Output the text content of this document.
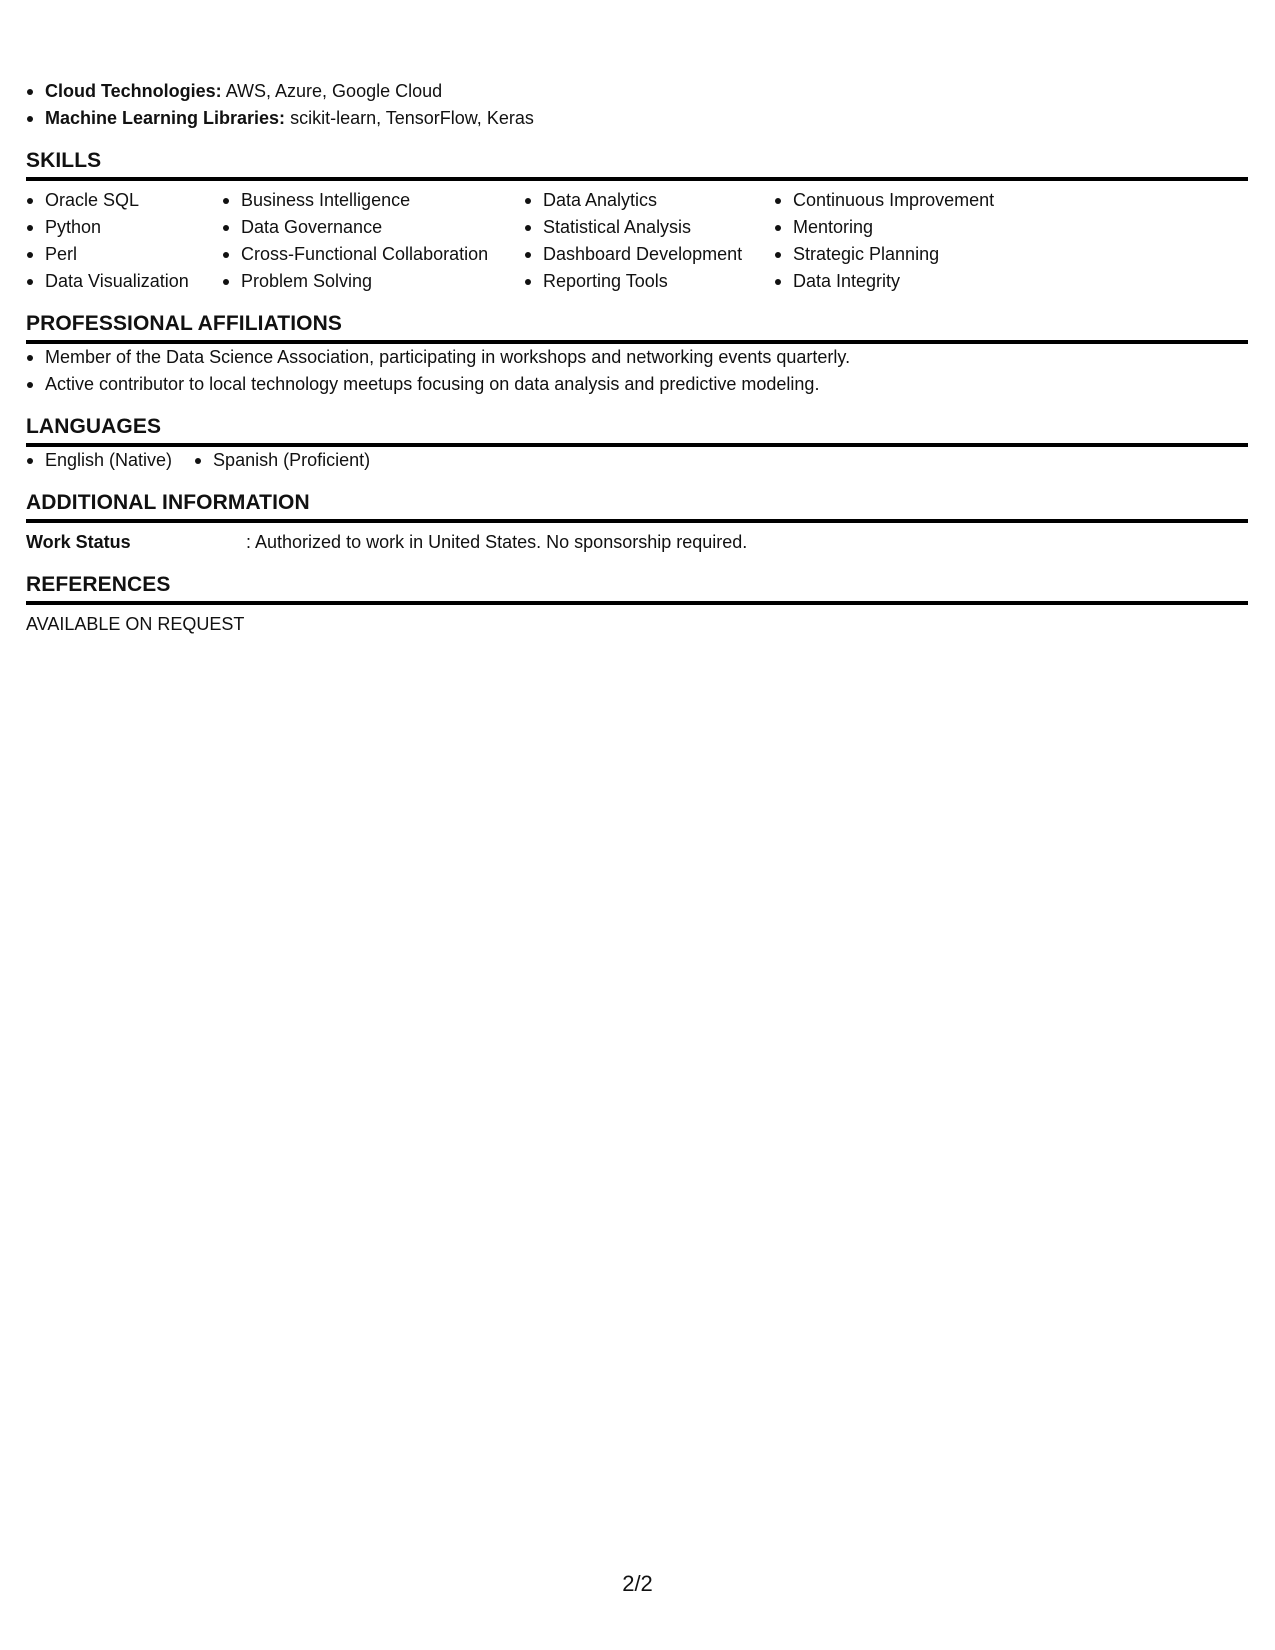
Cloud Technologies: AWS, Azure, Google Cloud
Machine Learning Libraries: scikit-learn, TensorFlow, Keras
SKILLS
Oracle SQL
Python
Perl
Data Visualization
Business Intelligence
Data Governance
Cross-Functional Collaboration
Problem Solving
Data Analytics
Statistical Analysis
Dashboard Development
Reporting Tools
Continuous Improvement
Mentoring
Strategic Planning
Data Integrity
PROFESSIONAL AFFILIATIONS
Member of the Data Science Association, participating in workshops and networking events quarterly.
Active contributor to local technology meetups focusing on data analysis and predictive modeling.
LANGUAGES
English (Native)	Spanish (Proficient)
ADDITIONAL INFORMATION
Work Status	: Authorized to work in United States. No sponsorship required.
REFERENCES
AVAILABLE ON REQUEST
2/2
